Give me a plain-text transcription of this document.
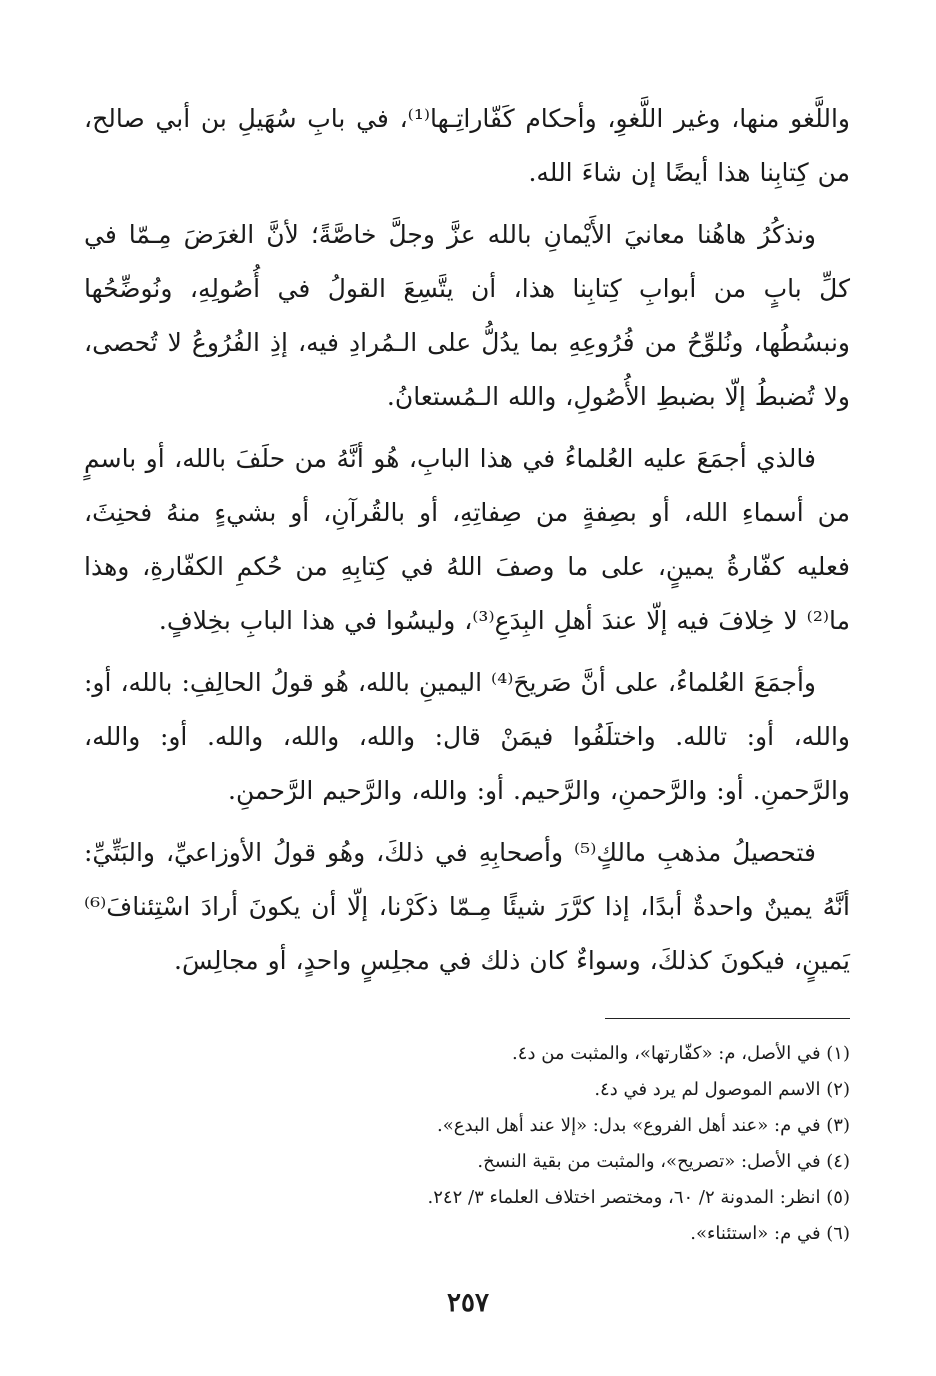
واللَّغو منها، وغير اللَّغوِ، وأحكام كَفّاراتِـها⁽¹⁾، في بابِ سُهَيلِ بن أبي صالح، من كِتابِنا هذا أيضًا إن شاءَ الله.

ونذكُرُ هاهُنا معانيَ الأَيْمانِ بالله عزَّ وجلَّ خاصَّةً؛ لأنَّ الغرَضَ مِـمّا في كلِّ بابٍ من أبوابِ كِتابِنا هذا، أن يتَّسِعَ القولُ في أُصُولِهِ، ونُوضِّحُها ونبسُطُها، ونُلوِّحُ من فُرُوعِهِ بما يدُلُّ على الـمُرادِ فيه، إذِ الفُرُوعُ لا تُحصى، ولا تُضبطُ إلّا بضبطِ الأُصُولِ، والله الـمُستعانُ.

فالذي أجمَعَ عليه العُلماءُ في هذا البابِ، هُو أنَّهُ من حلَفَ بالله، أو باسمٍ من أسماءِ الله، أو بصِفةٍ من صِفاتِهِ، أو بالقُرآنِ، أو بشيءٍ منهُ فحنِثَ، فعليه كفّارةُ يمينٍ، على ما وصفَ اللهُ في كِتابِهِ من حُكمِ الكفّارةِ، وهذا ما⁽²⁾ لا خِلافَ فيه إلّا عندَ أهلِ البِدَعِ⁽³⁾، وليسُوا في هذا البابِ بخِلافٍ.

وأجمَعَ العُلماءُ، على أنَّ صَريحَ⁽⁴⁾ اليمينِ بالله، هُو قولُ الحالِفِ: بالله، أو: والله، أو: تالله. واختلَفُوا فيمَنْ قال: والله، والله، والله. أو: والله، والرَّحمنِ. أو: والرَّحمنِ، والرَّحيم. أو: والله، والرَّحيم الرَّحمنِ.

فتحصيلُ مذهبِ مالكٍ⁽⁵⁾ وأصحابِهِ في ذلكَ، وهُو قولُ الأوزاعيِّ، والبَتِّيِّ: أنَّهُ يمينٌ واحدةٌ أبدًا، إذا كرَّرَ شيئًا مِـمّا ذكَرْنا، إلّا أن يكونَ أرادَ اسْتِئنافَ⁽⁶⁾ يَمينٍ، فيكونَ كذلكَ، وسواءٌ كان ذلك في مجلِسٍ واحدٍ، أو مجالِسَ.

(١) في الأصل، م: «كفّارتها»، والمثبت من د٤.
(٢) الاسم الموصول لم يرد في د٤.
(٣) في م: «عند أهل الفروع» بدل: «إلا عند أهل البدع».
(٤) في الأصل: «تصريح»، والمثبت من بقية النسخ.
(٥) انظر: المدونة ٢/ ٦٠، ومختصر اختلاف العلماء ٣/ ٢٤٢.
(٦) في م: «استئناء».
٢٥٧
